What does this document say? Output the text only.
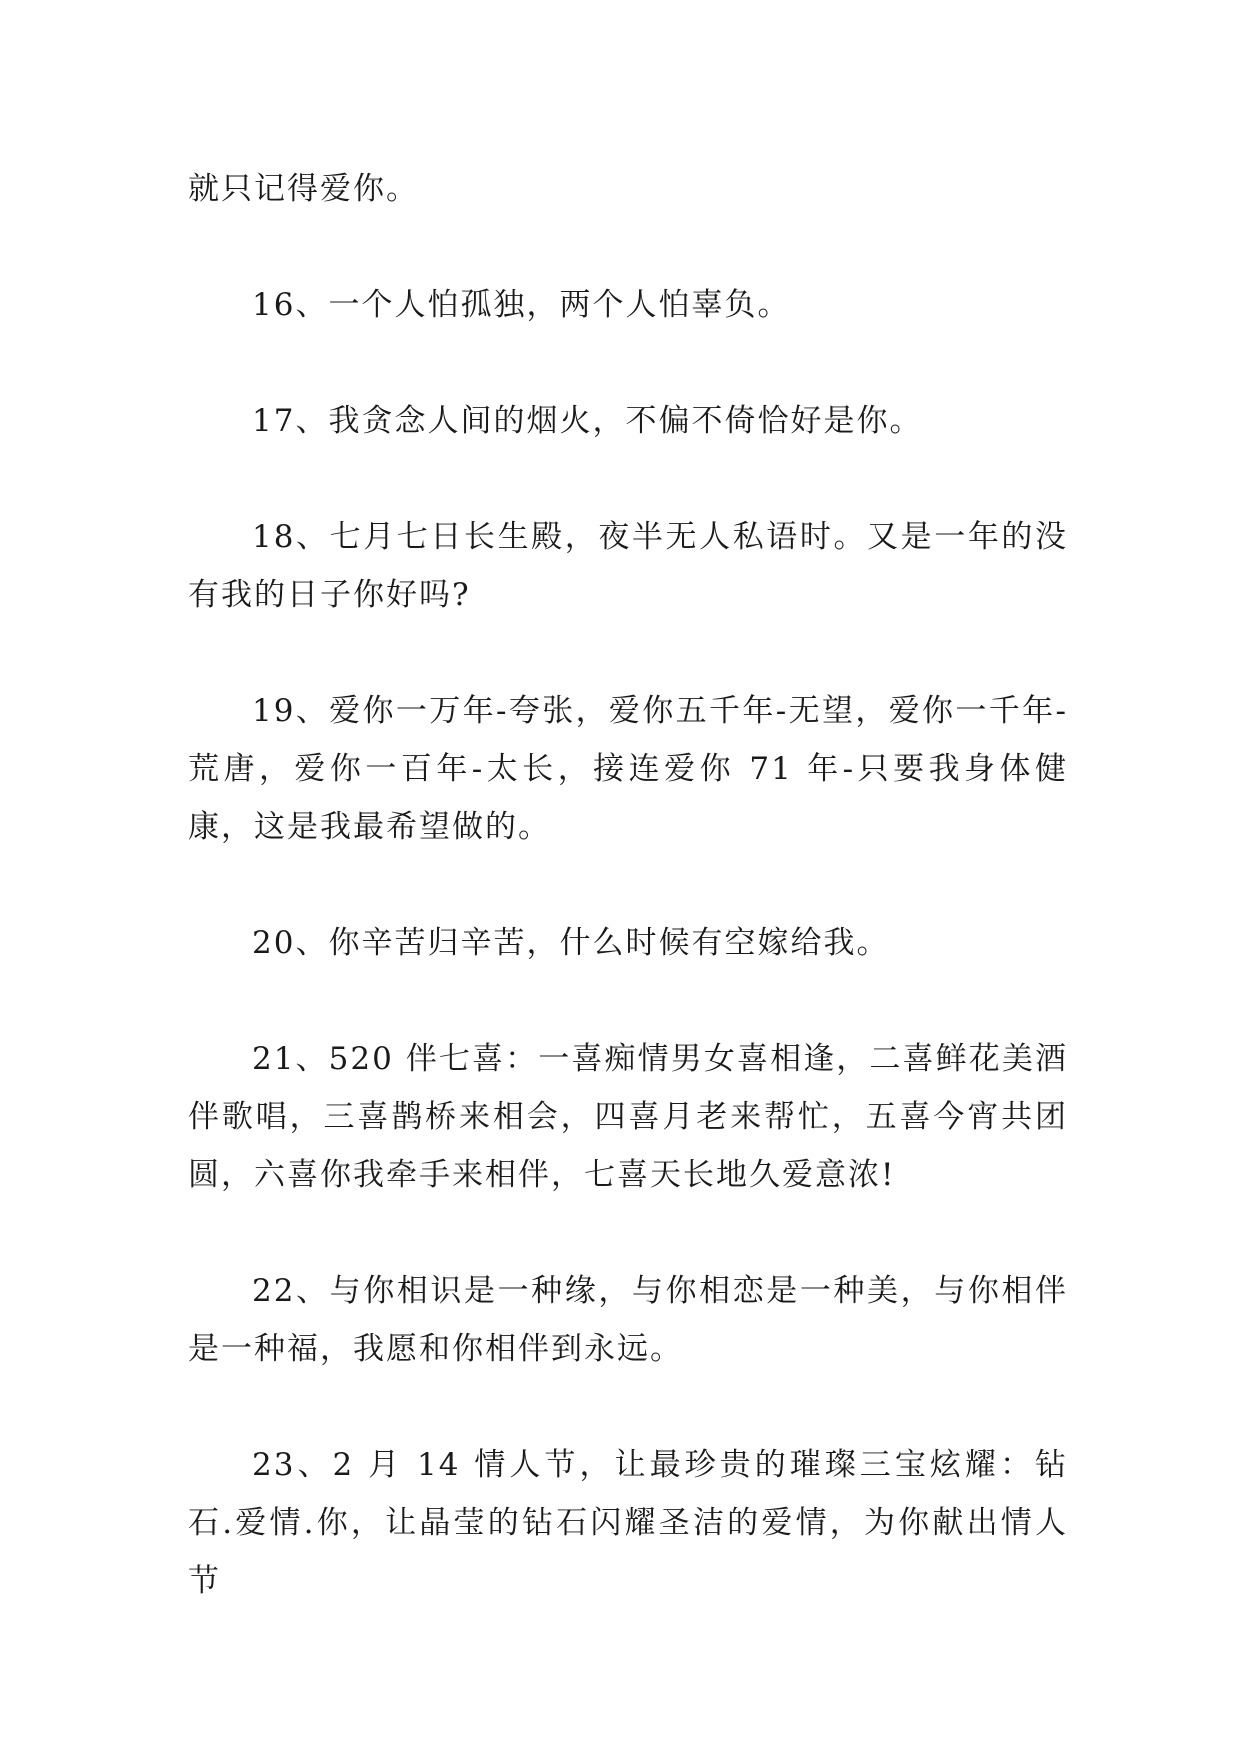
就只记得爱你。

16、一个人怕孤独，两个人怕辜负。

17、我贪念人间的烟火，不偏不倚恰好是你。

18、七月七日长生殿，夜半无人私语时。又是一年的没有我的日子你好吗?

19、爱你一万年-夸张，爱你五千年-无望，爱你一千年-荒唐，爱你一百年-太长，接连爱你 71 年-只要我身体健康，这是我最希望做的。

20、你辛苦归辛苦，什么时候有空嫁给我。

21、520 伴七喜：一喜痴情男女喜相逢，二喜鲜花美酒伴歌唱，三喜鹊桥来相会，四喜月老来帮忙，五喜今宵共团圆，六喜你我牵手来相伴，七喜天长地久爱意浓!

22、与你相识是一种缘，与你相恋是一种美，与你相伴是一种福，我愿和你相伴到永远。

23、2 月 14 情人节，让最珍贵的璀璨三宝炫耀：钻石.爱情.你，让晶莹的钻石闪耀圣洁的爱情，为你献出情人节
